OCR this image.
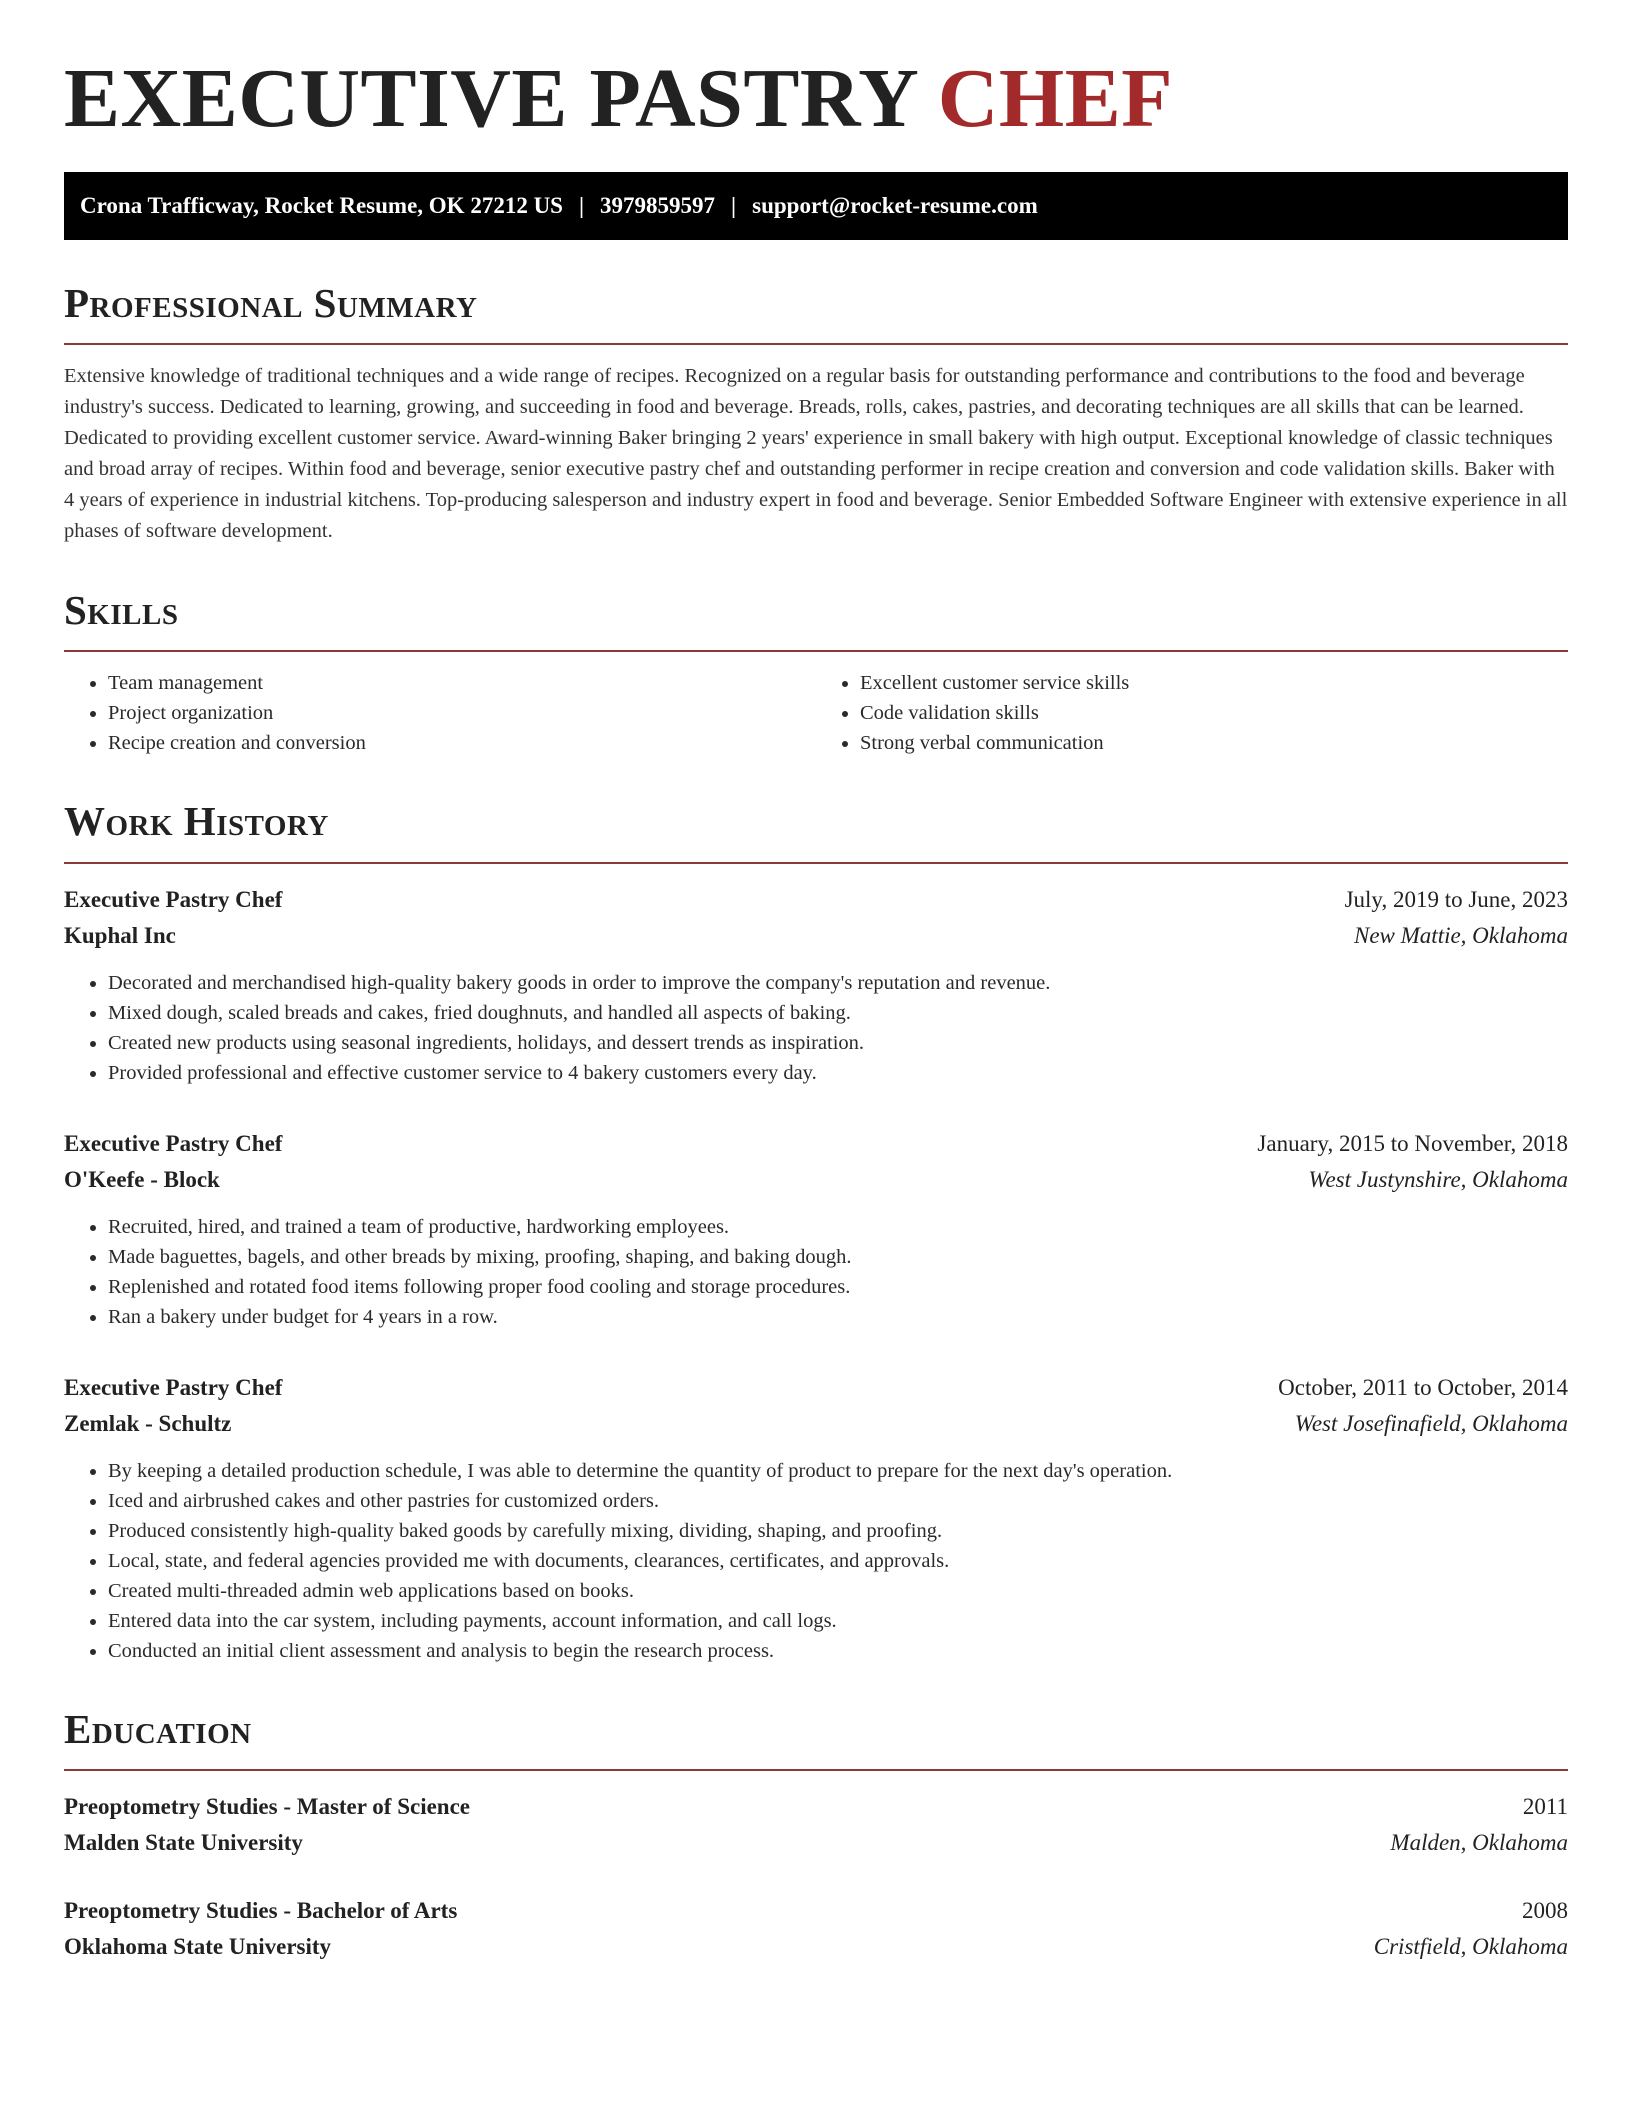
EXECUTIVE PASTRY CHEF
Crona Trafficway, Rocket Resume, OK 27212 US | 3979859597 | support@rocket-resume.com
Professional Summary

Extensive knowledge of traditional techniques and a wide range of recipes. Recognized on a regular basis for outstanding performance and contributions to the food and beverage industry's success. Dedicated to learning, growing, and succeeding in food and beverage. Breads, rolls, cakes, pastries, and decorating techniques are all skills that can be learned. Dedicated to providing excellent customer service. Award-winning Baker bringing 2 years' experience in small bakery with high output. Exceptional knowledge of classic techniques and broad array of recipes. Within food and beverage, senior executive pastry chef and outstanding performer in recipe creation and conversion and code validation skills. Baker with 4 years of experience in industrial kitchens. Top-producing salesperson and industry expert in food and beverage. Senior Embedded Software Engineer with extensive experience in all phases of software development.

Skills
• Team management
• Project organization
• Recipe creation and conversion
• Excellent customer service skills
• Code validation skills
• Strong verbal communication
Work History
Executive Pastry Chef	July, 2019 to June, 2023
Kuphal Inc	New Mattie, Oklahoma
• Decorated and merchandised high-quality bakery goods in order to improve the company's reputation and revenue.
• Mixed dough, scaled breads and cakes, fried doughnuts, and handled all aspects of baking.
• Created new products using seasonal ingredients, holidays, and dessert trends as inspiration.
• Provided professional and effective customer service to 4 bakery customers every day.
Executive Pastry Chef	January, 2015 to November, 2018
O'Keefe - Block	West Justynshire, Oklahoma
• Recruited, hired, and trained a team of productive, hardworking employees.
• Made baguettes, bagels, and other breads by mixing, proofing, shaping, and baking dough.
• Replenished and rotated food items following proper food cooling and storage procedures.
• Ran a bakery under budget for 4 years in a row.
Executive Pastry Chef	October, 2011 to October, 2014
Zemlak - Schultz	West Josefinafield, Oklahoma
• By keeping a detailed production schedule, I was able to determine the quantity of product to prepare for the next day's operation.
• Iced and airbrushed cakes and other pastries for customized orders.
• Produced consistently high-quality baked goods by carefully mixing, dividing, shaping, and proofing.
• Local, state, and federal agencies provided me with documents, clearances, certificates, and approvals.
• Created multi-threaded admin web applications based on books.
• Entered data into the car system, including payments, account information, and call logs.
• Conducted an initial client assessment and analysis to begin the research process.
Education
Preoptometry Studies - Master of Science	2011
Malden State University	Malden, Oklahoma
Preoptometry Studies - Bachelor of Arts	2008
Oklahoma State University	Cristfield, Oklahoma
